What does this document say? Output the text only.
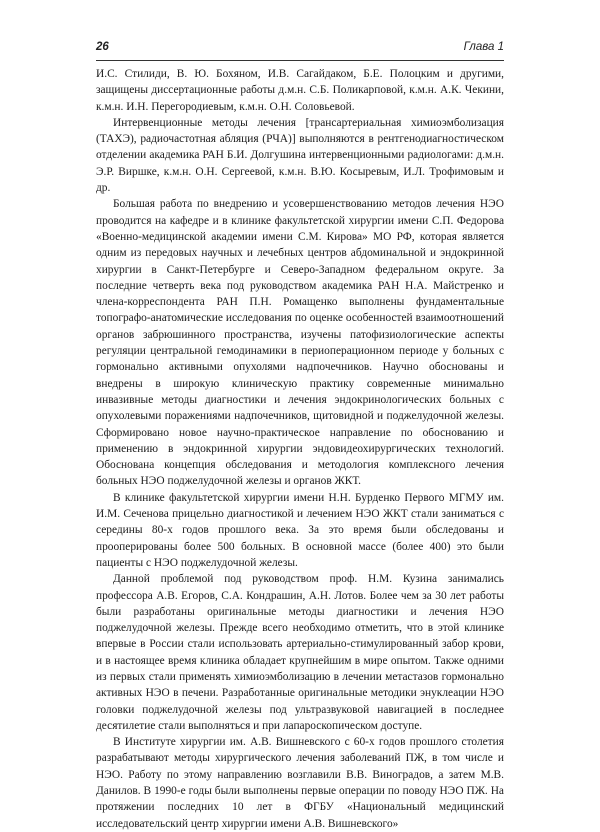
26	Глава 1

И.С. Стилиди, В. Ю. Бохяном, И.В. Сагайдаком, Б.Е. Полоцким и другими, защищены диссертационные работы д.м.н. С.Б. Поликарповой, к.м.н. А.К. Чекини, к.м.н. И.Н. Перегородиевым, к.м.н. О.Н. Соловьевой.

Интервенционные методы лечения [трансартериальная химиоэмболизация (ТАХЭ), радиочастотная абляция (РЧА)] выполняются в рентгенодиагностическом отделении академика РАН Б.И. Долгушина интервенционными радиологами: д.м.н. Э.Р. Виршке, к.м.н. О.Н. Сергеевой, к.м.н. В.Ю. Косыревым, И.Л. Трофимовым и др.

Большая работа по внедрению и усовершенствованию методов лечения НЭО проводится на кафедре и в клинике факультетской хирургии имени С.П. Федорова «Военно-медицинской академии имени С.М. Кирова» МО РФ, которая является одним из передовых научных и лечебных центров абдоминальной и эндокринной хирургии в Санкт-Петербурге и Северо-Западном федеральном округе. За последние четверть века под руководством академика РАН Н.А. Майстренко и члена-корреспондента РАН П.Н. Ромащенко выполнены фундаментальные топографо-анатомические исследования по оценке особенностей взаимоотношений органов забрюшинного пространства, изучены патофизиологические аспекты регуляции центральной гемодинамики в периоперационном периоде у больных с гормонально активными опухолями надпочечников. Научно обоснованы и внедрены в широкую клиническую практику современные минимально инвазивные методы диагностики и лечения эндокринологических больных с опухолевыми поражениями надпочечников, щитовидной и поджелудочной железы. Сформировано новое научно-практическое направление по обоснованию и применению в эндокринной хирургии эндовидеохирургических технологий. Обоснована концепция обследования и методология комплексного лечения больных НЭО поджелудочной железы и органов ЖКТ.

В клинике факультетской хирургии имени Н.Н. Бурденко Первого МГМУ им. И.М. Сеченова прицельно диагностикой и лечением НЭО ЖКТ стали заниматься с середины 80-х годов прошлого века. За это время были обследованы и прооперированы более 500 больных. В основной массе (более 400) это были пациенты с НЭО поджелудочной железы.

Данной проблемой под руководством проф. Н.М. Кузина занимались профессора А.В. Егоров, С.А. Кондрашин, А.Н. Лотов. Более чем за 30 лет работы были разработаны оригинальные методы диагностики и лечения НЭО поджелудочной железы. Прежде всего необходимо отметить, что в этой клинике впервые в России стали использовать артериально-стимулированный забор крови, и в настоящее время клиника обладает крупнейшим в мире опытом. Также одними из первых стали применять химиоэмболизацию в лечении метастазов гормонально активных НЭО в печени. Разработанные оригинальные методики энуклеации НЭО головки поджелудочной железы под ультразвуковой навигацией в последнее десятилетие стали выполняться и при лапароскопическом доступе.

В Институте хирургии им. А.В. Вишневского с 60-х годов прошлого столетия разрабатывают методы хирургического лечения заболеваний ПЖ, в том числе и НЭО. Работу по этому направлению возглавили В.В. Виноградов, а затем М.В. Данилов. В 1990-е годы были выполнены первые операции по поводу НЭО ПЖ. На протяжении последних 10 лет в ФГБУ «Национальный медицинский исследовательский центр хирургии имени А.В. Вишневского»
